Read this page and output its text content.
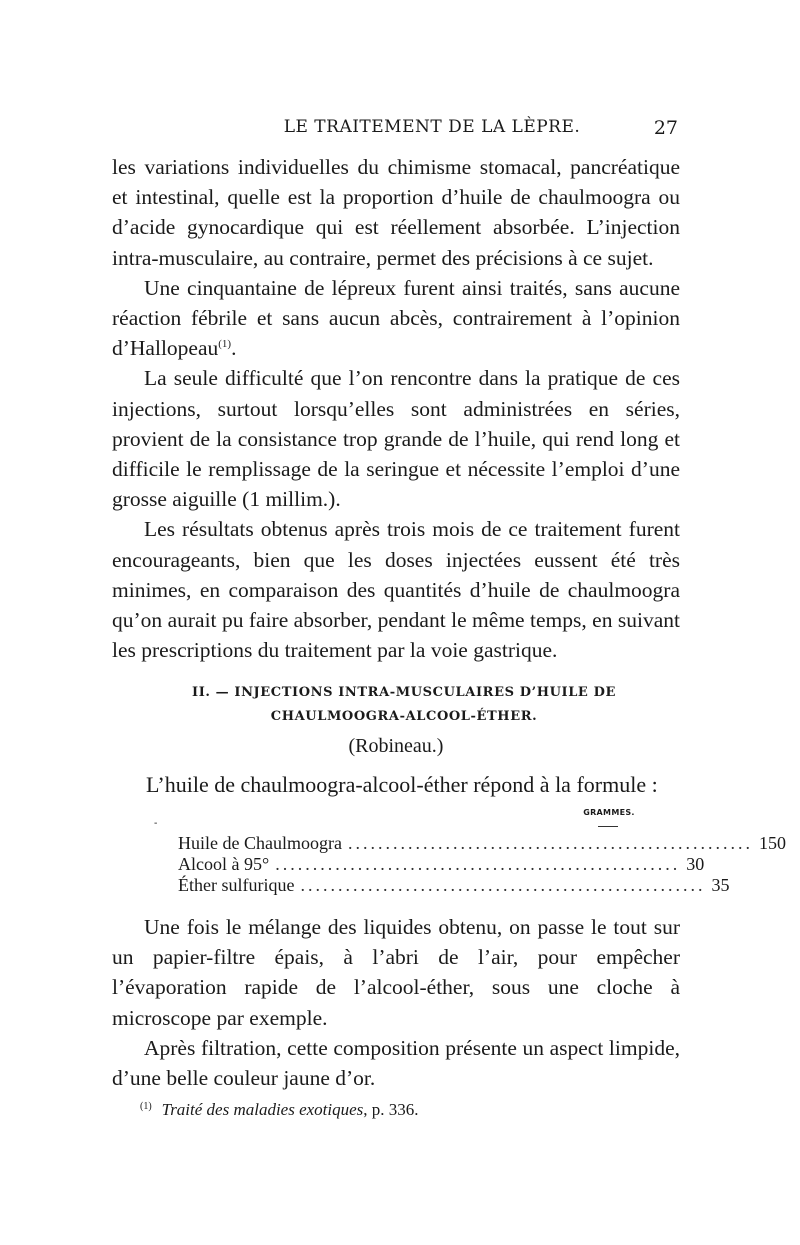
LE TRAITEMENT DE LA LÈPRE.	27

les variations individuelles du chimisme stomacal, pancréatique et intestinal, quelle est la proportion d’huile de chaulmoogra ou d’acide gynocardique qui est réellement absorbée. L’injection intra-musculaire, au contraire, permet des précisions à ce sujet.

Une cinquantaine de lépreux furent ainsi traités, sans aucune réaction fébrile et sans aucun abcès, contrairement à l’opinion d’Hallopeau$^{(1)}$.

La seule difficulté que l’on rencontre dans la pratique de ces injections, surtout lorsqu’elles sont administrées en séries, provient de la consistance trop grande de l’huile, qui rend long et difficile le remplissage de la seringue et nécessite l’emploi d’une grosse aiguille (1 millim.).

Les résultats obtenus après trois mois de ce traitement furent encourageants, bien que les doses injectées eussent été très minimes, en comparaison des quantités d’huile de chaulmoogra qu’on aurait pu faire absorber, pendant le même temps, en suivant les prescriptions du traitement par la voie gastrique.

II. — INJECTIONS INTRA-MUSCULAIRES D’HUILE DE CHAULMOOGRA-ALCOOL-ÉTHER.
(Robineau.)
L’huile de chaulmoogra-alcool-éther répond à la formule :
-
GRAMMES.
Huile de Chaulmoogra ...................................................... 150
Alcool à 95° ...................................................... 30
Éther sulfurique ...................................................... 35

Une fois le mélange des liquides obtenu, on passe le tout sur un papier-filtre épais, à l’abri de l’air, pour empêcher l’évaporation rapide de l’alcool-éther, sous une cloche à microscope par exemple.

Après filtration, cette composition présente un aspect limpide, d’une belle couleur jaune d’or.

$^{(1)}$ Traité des maladies exotiques, p. 336.
